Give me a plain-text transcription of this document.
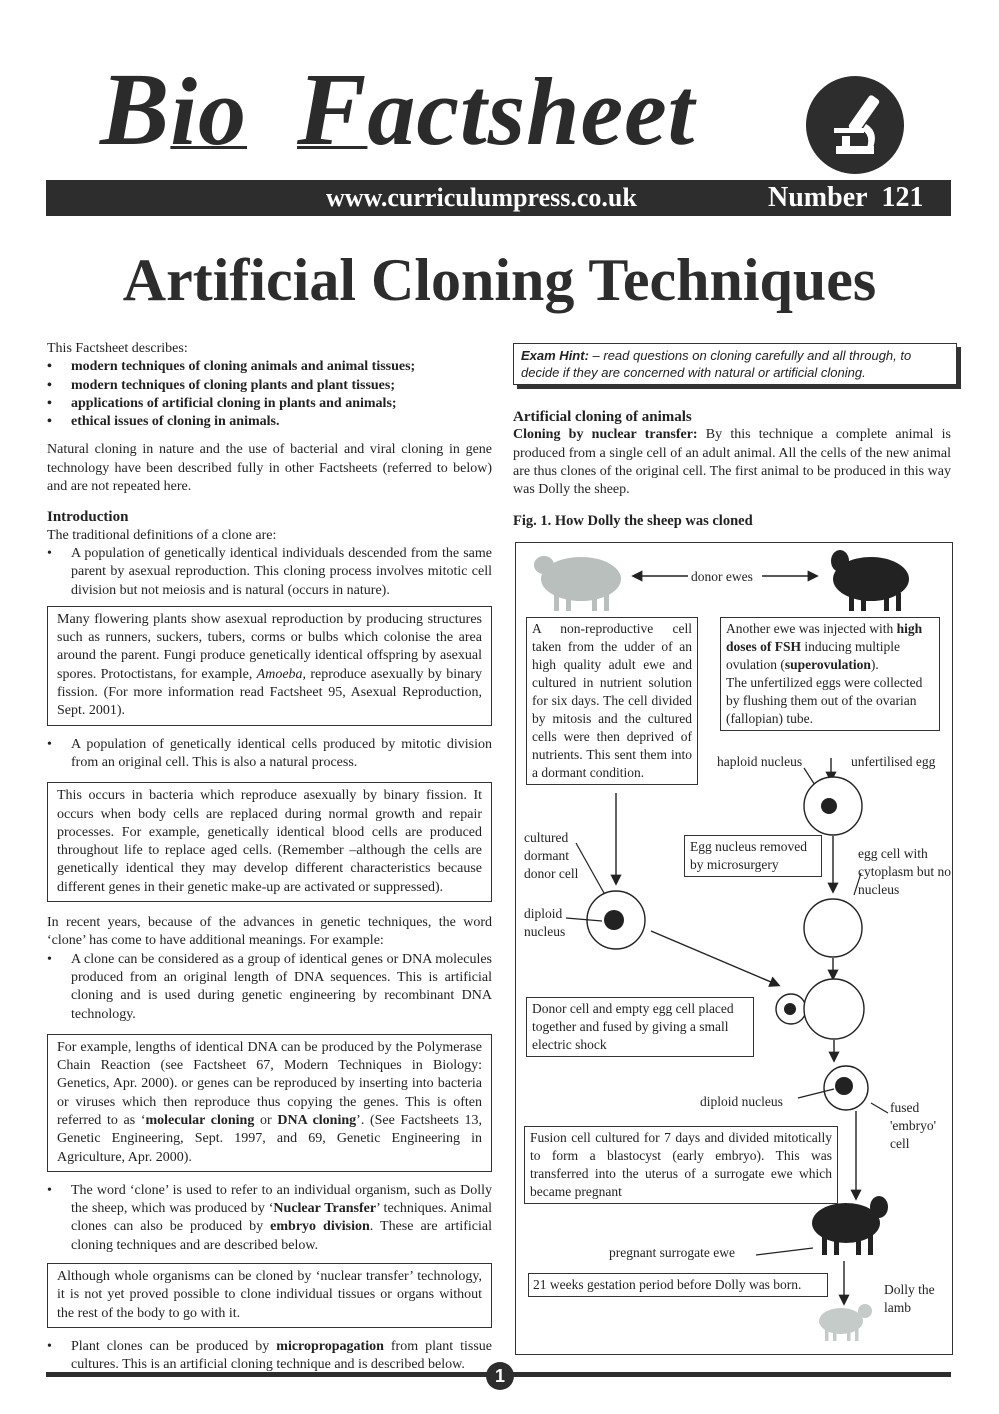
Bio Factsheet
www.curriculumpress.co.uk	Number 121
Artificial Cloning Techniques

This Factsheet describes:

• modern techniques of cloning animals and animal tissues;
• modern techniques of cloning plants and plant tissues;
• applications of artificial cloning in plants and animals;
• ethical issues of cloning in animals.

Natural cloning in nature and the use of bacterial and viral cloning in gene technology have been described fully in other Factsheets (referred to below) and are not repeated here.

Introduction

The traditional definitions of a clone are:

• A population of genetically identical individuals descended from the same parent by asexual reproduction. This cloning process involves mitotic cell division but not meiosis and is natural (occurs in nature).
Many flowering plants show asexual reproduction by producing structures such as runners, suckers, tubers, corms or bulbs which colonise the area around the parent. Fungi produce genetically identical offspring by asexual spores. Protoctistans, for example, Amoeba, reproduce asexually by binary fission. (For more information read Factsheet 95, Asexual Reproduction, Sept. 2001).
• A population of genetically identical cells produced by mitotic division from an original cell. This is also a natural process.
This occurs in bacteria which reproduce asexually by binary fission. It occurs when body cells are replaced during normal growth and repair processes. For example, genetically identical blood cells are produced throughout life to replace aged cells. (Remember –although the cells are genetically identical they may develop different characteristics because different genes in their genetic make-up are activated or suppressed).

In recent years, because of the advances in genetic techniques, the word ‘clone’ has come to have additional meanings. For example:

• A clone can be considered as a group of identical genes or DNA molecules produced from an original length of DNA sequences. This is artificial cloning and is used during genetic engineering by recombinant DNA technology.
For example, lengths of identical DNA can be produced by the Polymerase Chain Reaction (see Factsheet 67, Modern Techniques in Biology: Genetics, Apr. 2000). or genes can be reproduced by inserting into bacteria or viruses which then reproduce thus copying the genes. This is often referred to as ‘molecular cloning or DNA cloning’. (See Factsheets 13, Genetic Engineering, Sept. 1997, and 69, Genetic Engineering in Agriculture, Apr. 2000).
• The word ‘clone’ is used to refer to an individual organism, such as Dolly the sheep, which was produced by ‘Nuclear Transfer’ techniques. Animal clones can also be produced by embryo division. These are artificial cloning techniques and are described below.
Although whole organisms can be cloned by ‘nuclear transfer’ technology, it is not yet proved possible to clone individual tissues or organs without the rest of the body to go with it.
• Plant clones can be produced by micropropagation from plant tissue cultures. This is an artificial cloning technique and is described below.
Exam Hint: – read questions on cloning carefully and all through, to decide if they are concerned with natural or artificial cloning.

Artificial cloning of animals

Cloning by nuclear transfer: By this technique a complete animal is produced from a single cell of an adult animal. All the cells of the new animal are thus clones of the original cell. The first animal to be produced in this way was Dolly the sheep.

Fig. 1. How Dolly the sheep was cloned

donor ewes
A non-reproductive cell taken from the udder of an high quality adult ewe and cultured in nutrient solution for six days. The cell divided by mitosis and the cultured cells were then deprived of nutrients. This sent them into a dormant condition.
Another ewe was injected with high doses of FSH inducing multiple ovulation (superovulation).
The unfertilized eggs were collected by flushing them out of the ovarian (fallopian) tube.
haploid nucleus	unfertilised egg
cultured dormant donor cell
Egg nucleus removed by microsurgery
egg cell with cytoplasm but no nucleus
diploid nucleus
Donor cell and empty egg cell placed together and fused by giving a small electric shock
diploid nucleus	fused 'embryo' cell
Fusion cell cultured for 7 days and divided mitotically to form a blastocyst (early embryo). This was transferred into the uterus of a surrogate ewe which became pregnant
pregnant surrogate ewe
21 weeks gestation period before Dolly was born.	Dolly the lamb
1
